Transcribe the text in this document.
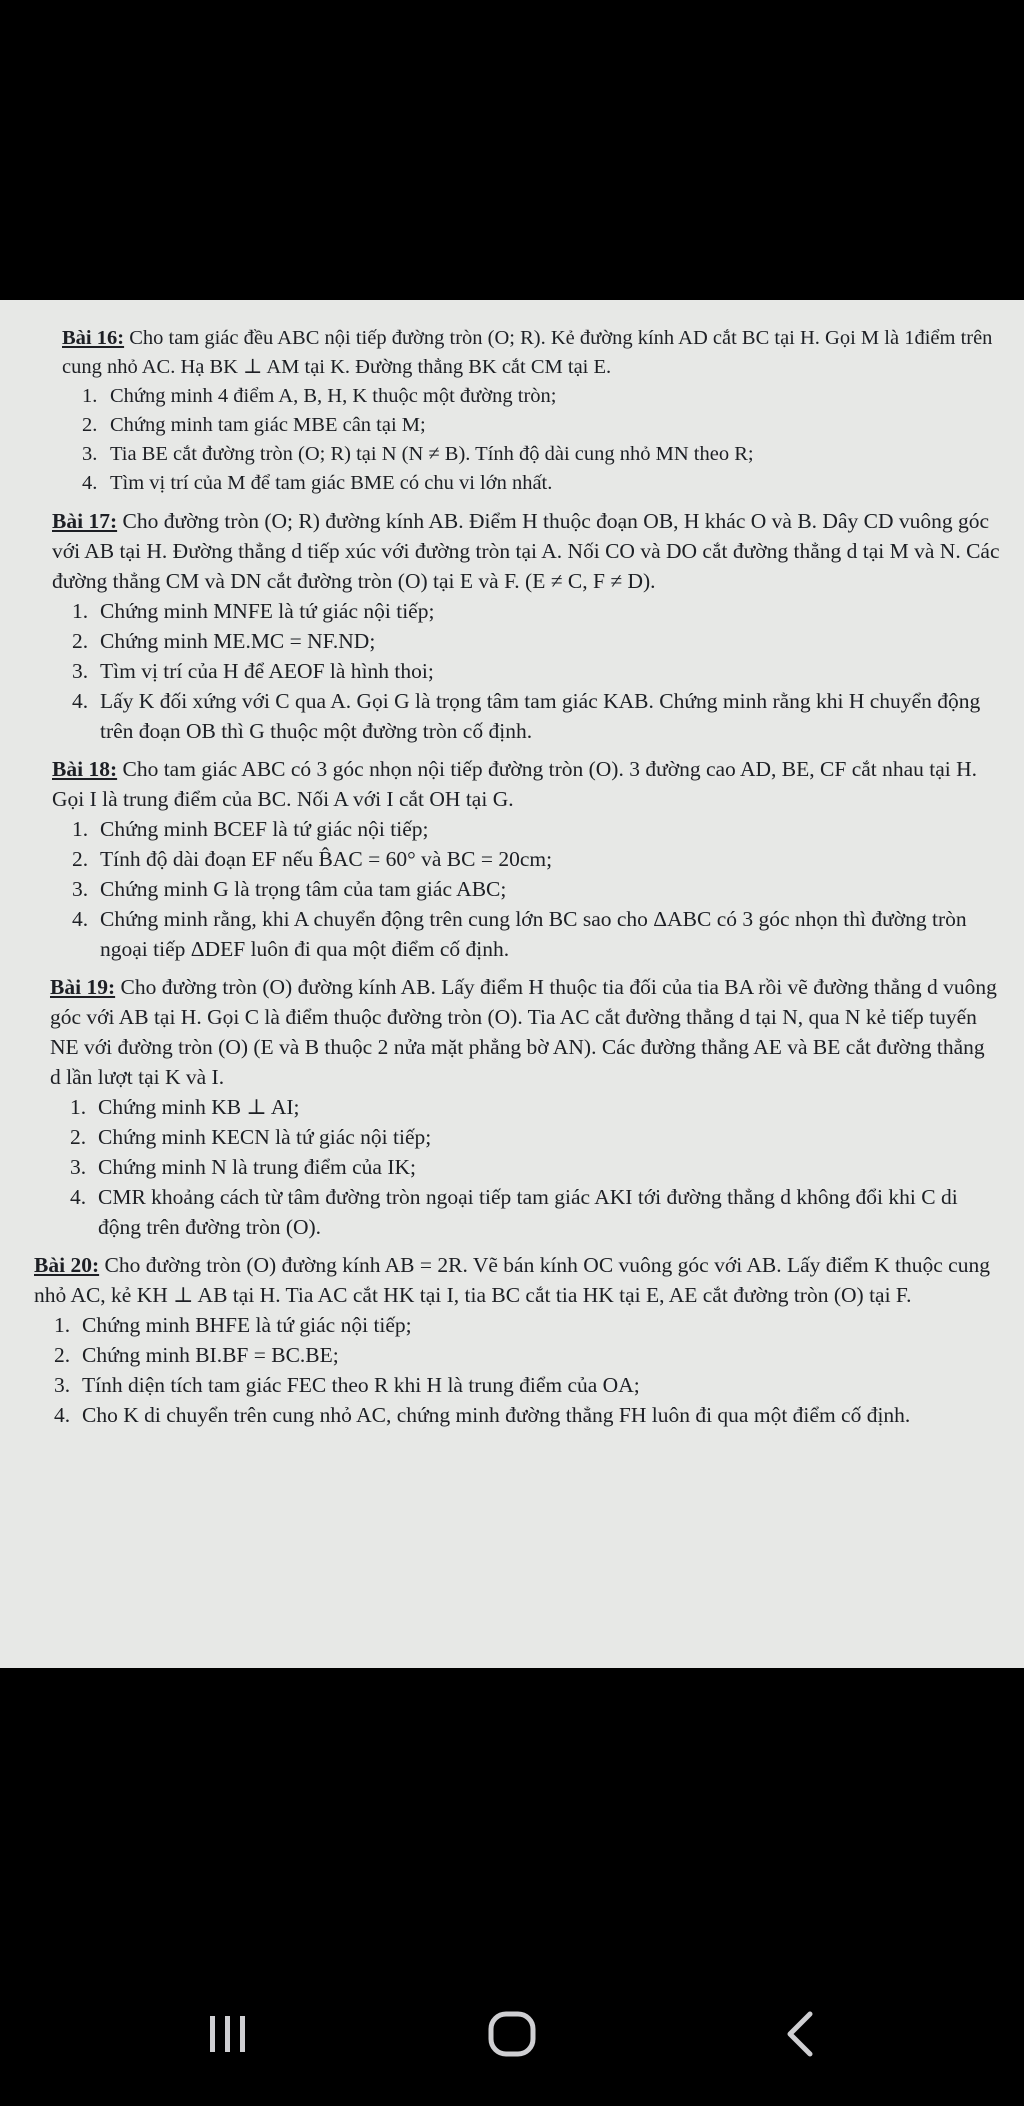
Bài 16: Cho tam giác đều ABC nội tiếp đường tròn (O; R). Kẻ đường kính AD cắt BC tại H. Gọi M là 1điểm trên cung nhỏ AC. Hạ BK ⊥ AM tại K. Đường thẳng BK cắt CM tại E.

1. Chứng minh 4 điểm A, B, H, K thuộc một đường tròn;
2. Chứng minh tam giác MBE cân tại M;
3. Tia BE cắt đường tròn (O; R) tại N (N ≠ B). Tính độ dài cung nhỏ MN theo R;
4. Tìm vị trí của M để tam giác BME có chu vi lớn nhất.

Bài 17: Cho đường tròn (O; R) đường kính AB. Điểm H thuộc đoạn OB, H khác O và B. Dây CD vuông góc với AB tại H. Đường thẳng d tiếp xúc với đường tròn tại A. Nối CO và DO cắt đường thẳng d tại M và N. Các đường thẳng CM và DN cắt đường tròn (O) tại E và F. (E ≠ C, F ≠ D).

1. Chứng minh MNFE là tứ giác nội tiếp;
2. Chứng minh ME.MC = NF.ND;
3. Tìm vị trí của H để AEOF là hình thoi;
4. Lấy K đối xứng với C qua A. Gọi G là trọng tâm tam giác KAB. Chứng minh rằng khi H chuyển động trên đoạn OB thì G thuộc một đường tròn cố định.

Bài 18: Cho tam giác ABC có 3 góc nhọn nội tiếp đường tròn (O). 3 đường cao AD, BE, CF cắt nhau tại H. Gọi I là trung điểm của BC. Nối A với I cắt OH tại G.

1. Chứng minh BCEF là tứ giác nội tiếp;
2. Tính độ dài đoạn EF nếu B̂AC = 60° và BC = 20cm;
3. Chứng minh G là trọng tâm của tam giác ABC;
4. Chứng minh rằng, khi A chuyển động trên cung lớn BC sao cho ΔABC có 3 góc nhọn thì đường tròn ngoại tiếp ΔDEF luôn đi qua một điểm cố định.

Bài 19: Cho đường tròn (O) đường kính AB. Lấy điểm H thuộc tia đối của tia BA rồi vẽ đường thẳng d vuông góc với AB tại H. Gọi C là điểm thuộc đường tròn (O). Tia AC cắt đường thẳng d tại N, qua N kẻ tiếp tuyến NE với đường tròn (O) (E và B thuộc 2 nửa mặt phẳng bờ AN). Các đường thẳng AE và BE cắt đường thẳng d lần lượt tại K và I.

1. Chứng minh KB ⊥ AI;
2. Chứng minh KECN là tứ giác nội tiếp;
3. Chứng minh N là trung điểm của IK;
4. CMR khoảng cách từ tâm đường tròn ngoại tiếp tam giác AKI tới đường thẳng d không đổi khi C di động trên đường tròn (O).

Bài 20: Cho đường tròn (O) đường kính AB = 2R. Vẽ bán kính OC vuông góc với AB. Lấy điểm K thuộc cung nhỏ AC, kẻ KH ⊥ AB tại H. Tia AC cắt HK tại I, tia BC cắt tia HK tại E, AE cắt đường tròn (O) tại F.

1. Chứng minh BHFE là tứ giác nội tiếp;
2. Chứng minh BI.BF = BC.BE;
3. Tính diện tích tam giác FEC theo R khi H là trung điểm của OA;
4. Cho K di chuyển trên cung nhỏ AC, chứng minh đường thẳng FH luôn đi qua một điểm cố định.
